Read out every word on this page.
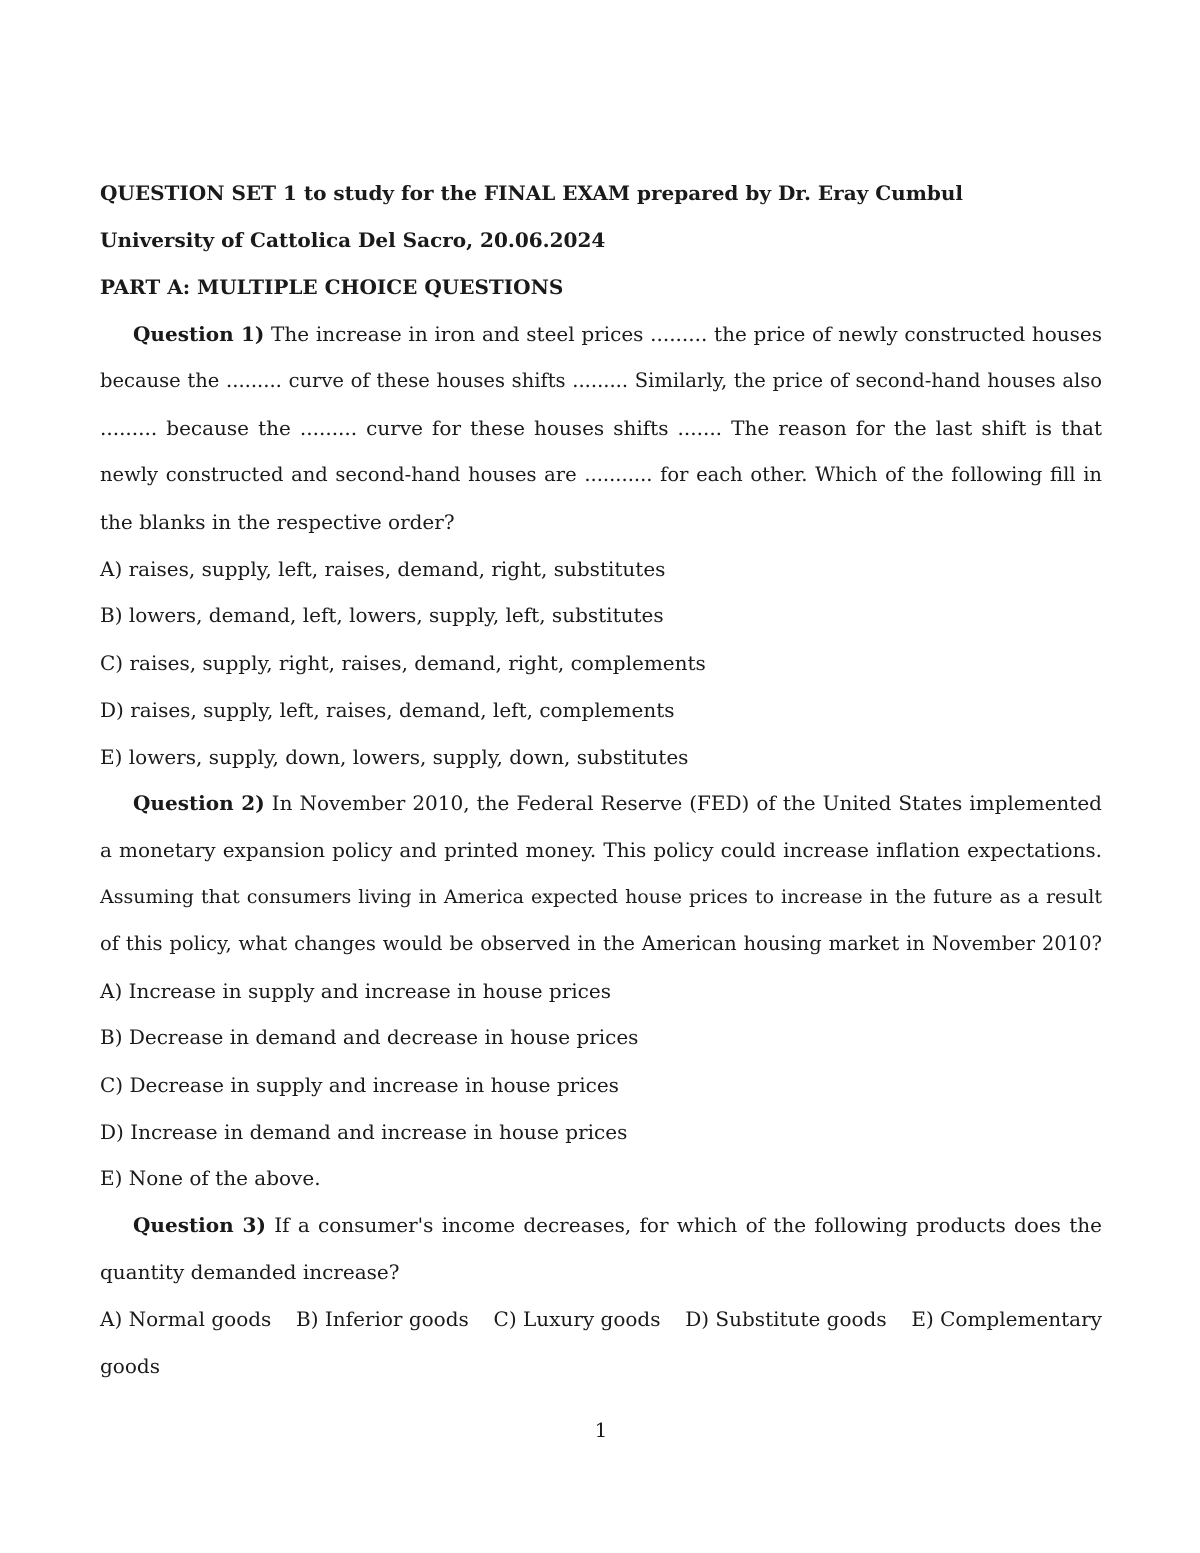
QUESTION SET 1 to study for the FINAL EXAM prepared by Dr. Eray Cumbul
University of Cattolica Del Sacro, 20.06.2024
PART A: MULTIPLE CHOICE QUESTIONS
Question 1) The increase in iron and steel prices ......... the price of newly constructed houses
because the ......... curve of these houses shifts ......... Similarly, the price of second-hand houses also
......... because the ......... curve for these houses shifts ....... The reason for the last shift is that
newly constructed and second-hand houses are ........... for each other. Which of the following fill in
the blanks in the respective order?
A) raises, supply, left, raises, demand, right, substitutes
B) lowers, demand, left, lowers, supply, left, substitutes
C) raises, supply, right, raises, demand, right, complements
D) raises, supply, left, raises, demand, left, complements
E) lowers, supply, down, lowers, supply, down, substitutes
Question 2) In November 2010, the Federal Reserve (FED) of the United States implemented
a monetary expansion policy and printed money. This policy could increase inflation expectations.
Assuming that consumers living in America expected house prices to increase in the future as a result
of this policy, what changes would be observed in the American housing market in November 2010?
A) Increase in supply and increase in house prices
B) Decrease in demand and decrease in house prices
C) Decrease in supply and increase in house prices
D) Increase in demand and increase in house prices
E) None of the above.
Question 3) If a consumer's income decreases, for which of the following products does the
quantity demanded increase?
A) Normal goods B) Inferior goods C) Luxury goods D) Substitute goods E) Complementary
goods
1
